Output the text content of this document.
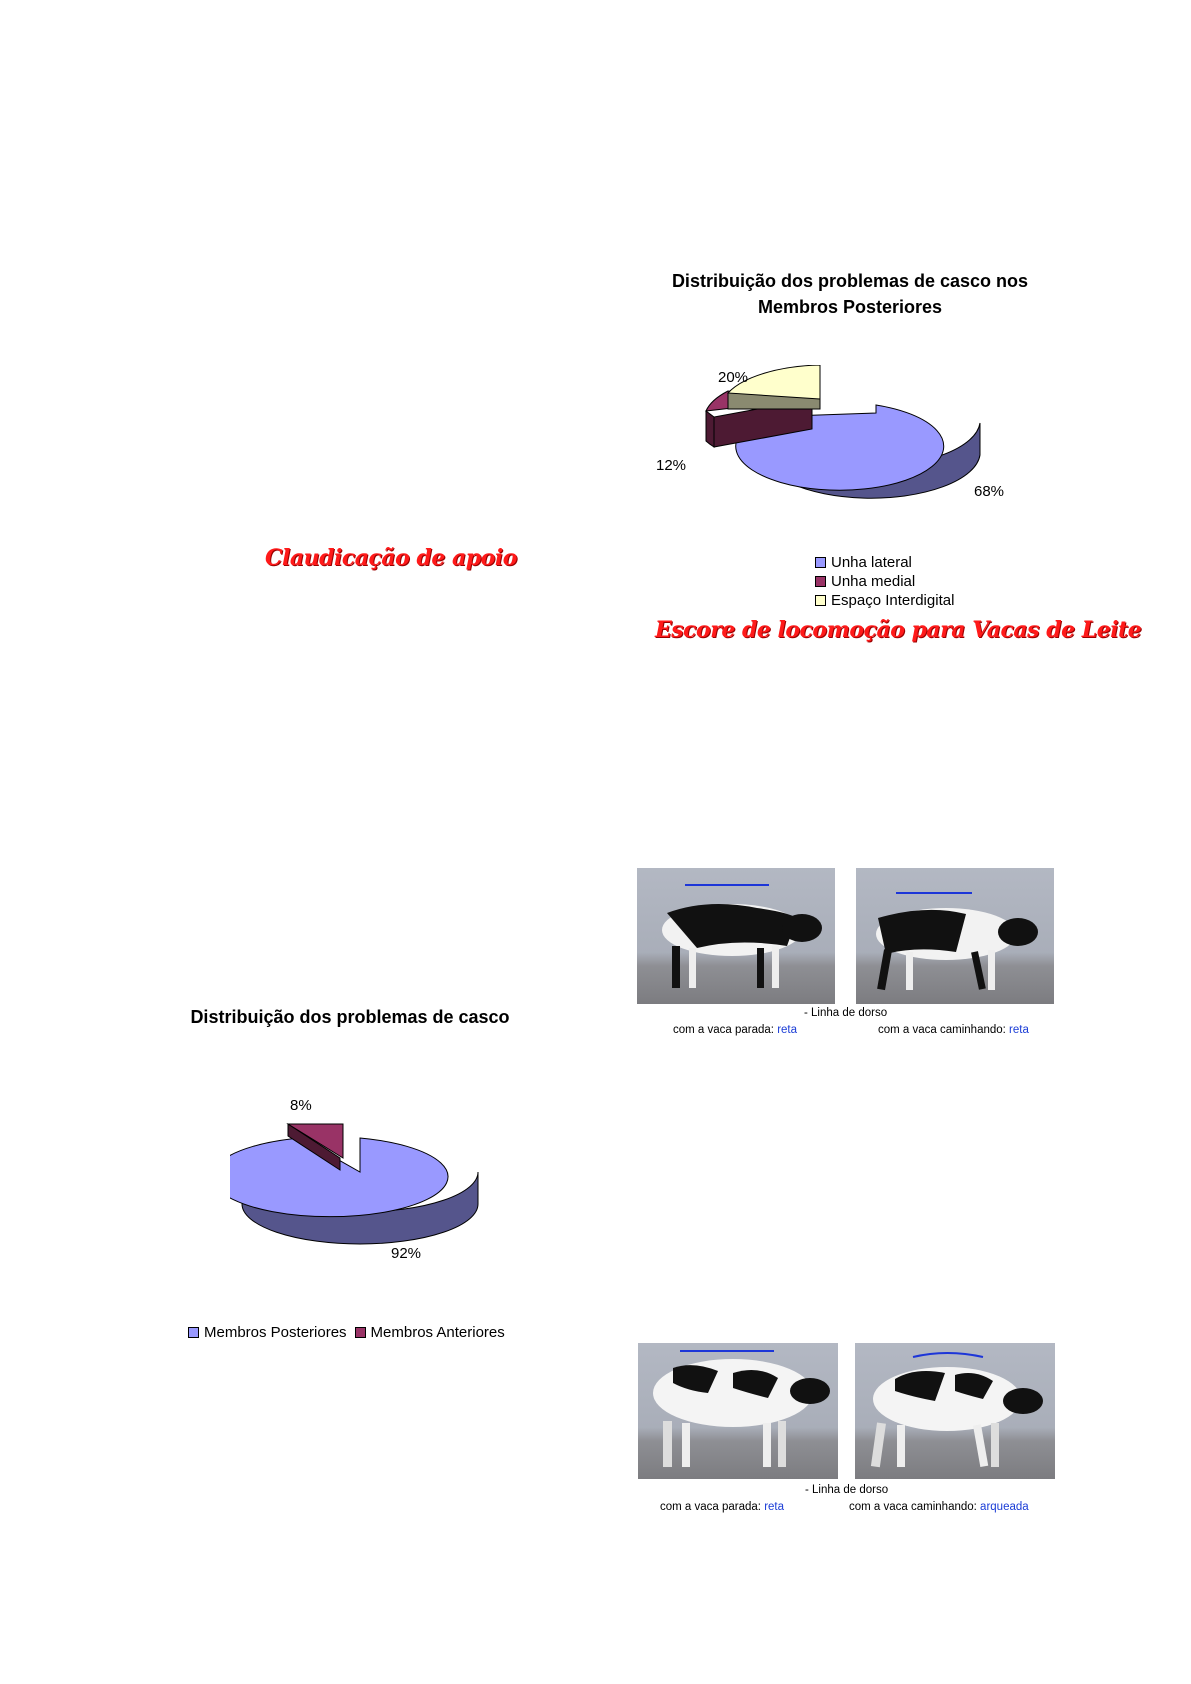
Distribuição dos problemas de casco nos
Membros Posteriores
20%
12%
68%
Unha lateral
Unha medial
Espaço Interdigital
Claudicação de apoio
Escore de locomoção para Vacas de Leite
Distribuição dos problemas de casco
8%
92%
Membros Posteriores Membros Anteriores
- Linha de dorso
com a vaca parada: reta	com a vaca caminhando: reta
- Linha de dorso
com a vaca parada: reta	com a vaca caminhando: arqueada
